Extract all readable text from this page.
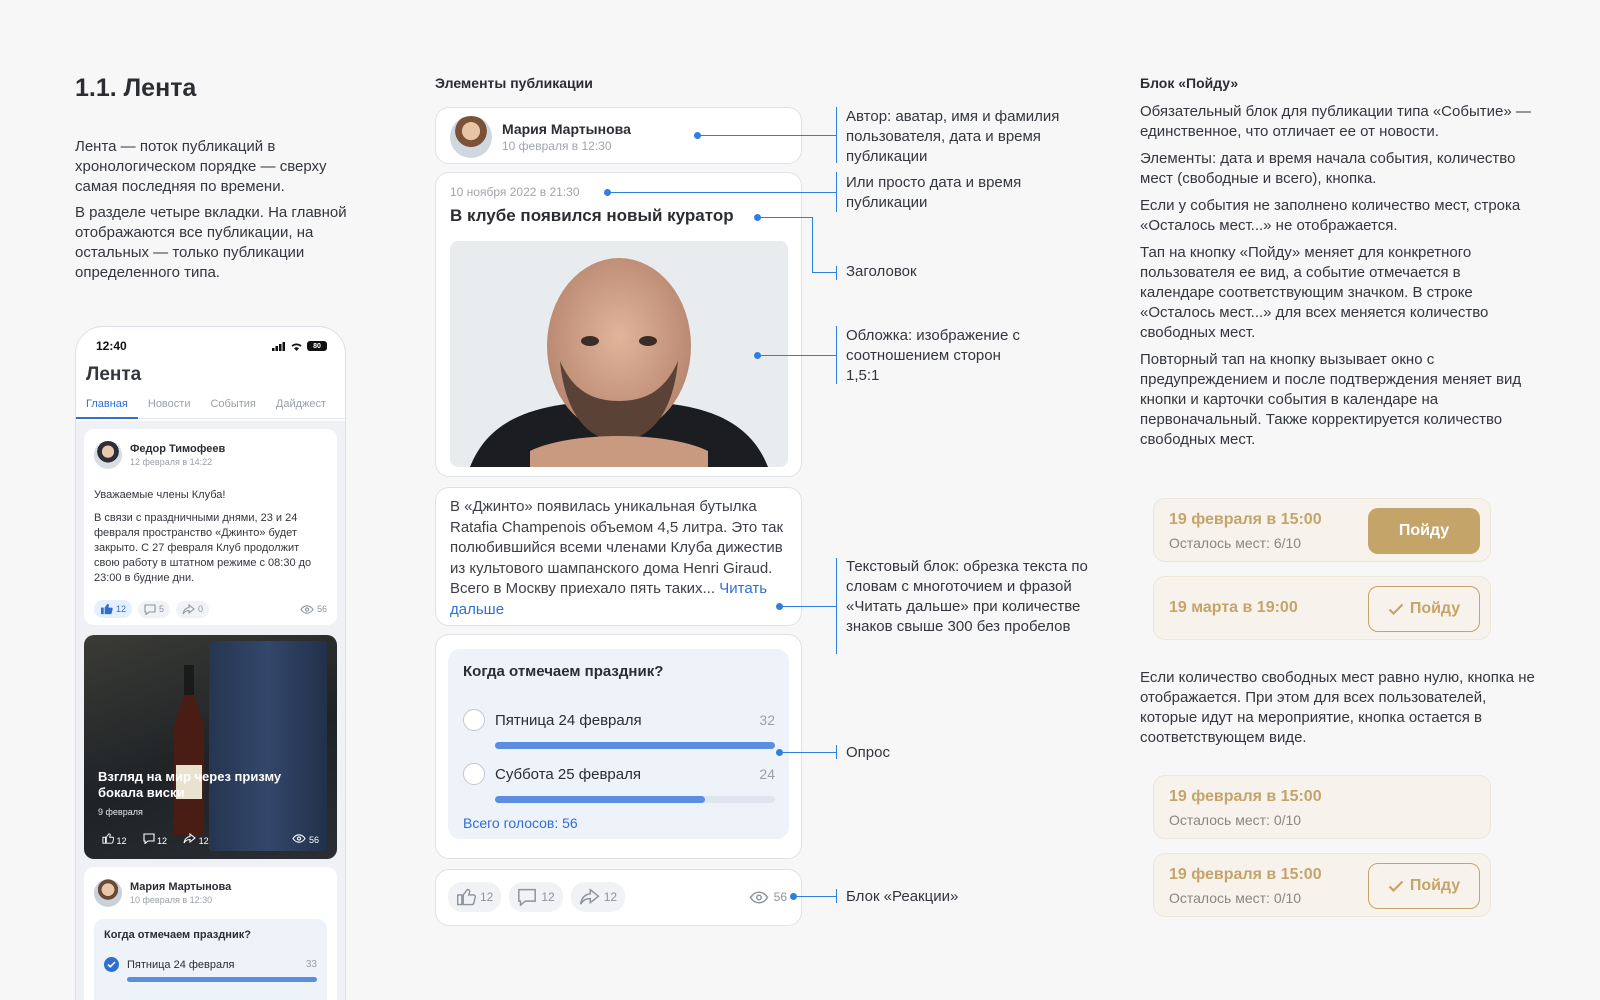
1.1. Лента

Лента — поток публикаций в хронологическом порядке — сверху самая последняя по времени.

В разделе четыре вкладки. На главной отображаются все публикации, на остальных — только публикации определенного типа.

12:40	80
Лента
Главная	Новости	События	Дайджест
Федор Тимофеев
12 февраля в 14:22
Уважаемые члены Клуба!
В связи с праздничными днями, 23 и 24 февраля пространство «Джинто» будет закрыто. С 27 февраля Клуб продолжит свою работу в штатном режиме с 08:30 до 23:00 в будние дни.
12	5	0	56
Взгляд на мир через призму бокала виски
9 февраля
12	12	12	56
Мария Мартынова
10 февраля в 12:30
Когда отмечаем праздник?
Пятница 24 февраля	33
Элементы публикации
Мария Мартынова
10 февраля в 12:30
10 ноября 2022 в 21:30
В клубе появился новый куратор
В «Джинто» появилась уникальная бутылка Ratafia Champenois объемом 4,5 литра. Это так полюбившийся всеми членами Клуба дижестив из культового шампанского дома Henri Giraud. Всего в Москву приехало пять таких... Читать дальше
Когда отмечаем праздник?
Пятница 24 февраля	32
Суббота 25 февраля	24
Всего голосов: 56
12	12	12	56
Автор: аватар, имя и фамилия пользователя, дата и время публикации
Или просто дата и время публикации
Заголовок
Обложка: изображение с соотношением сторон 1,5:1
Текстовый блок: обрезка текста по словам с многоточием и фразой «Читать дальше» при количестве знаков свыше 300 без пробелов
Опрос
Блок «Реакции»
Блок «Пойду»

Обязательный блок для публикации типа «Событие» — единственное, что отличает ее от новости.

Элементы: дата и время начала события, количество мест (свободные и всего), кнопка.

Если у события не заполнено количество мест, строка «Осталось мест...» не отображается.

Тап на кнопку «Пойду» меняет для конкретного пользователя ее вид, а событие отмечается в календаре соответствующим значком. В строке «Осталось мест...» для всех меняется количество свободных мест.

Повторный тап на кнопку вызывает окно с предупреждением и после подтверждения меняет вид кнопки и карточки события в календаре на первоначальный. Также корректируется количество свободных мест.

19 февраля в 15:00
Осталось мест: 6/10
Пойду
19 марта в 19:00	Пойду
Если количество свободных мест равно нулю, кнопка не отображается. При этом для всех пользователей, которые идут на мероприятие, кнопка остается в соответствующем виде.
19 февраля в 15:00
Осталось мест: 0/10
19 февраля в 15:00
Осталось мест: 0/10
Пойду
